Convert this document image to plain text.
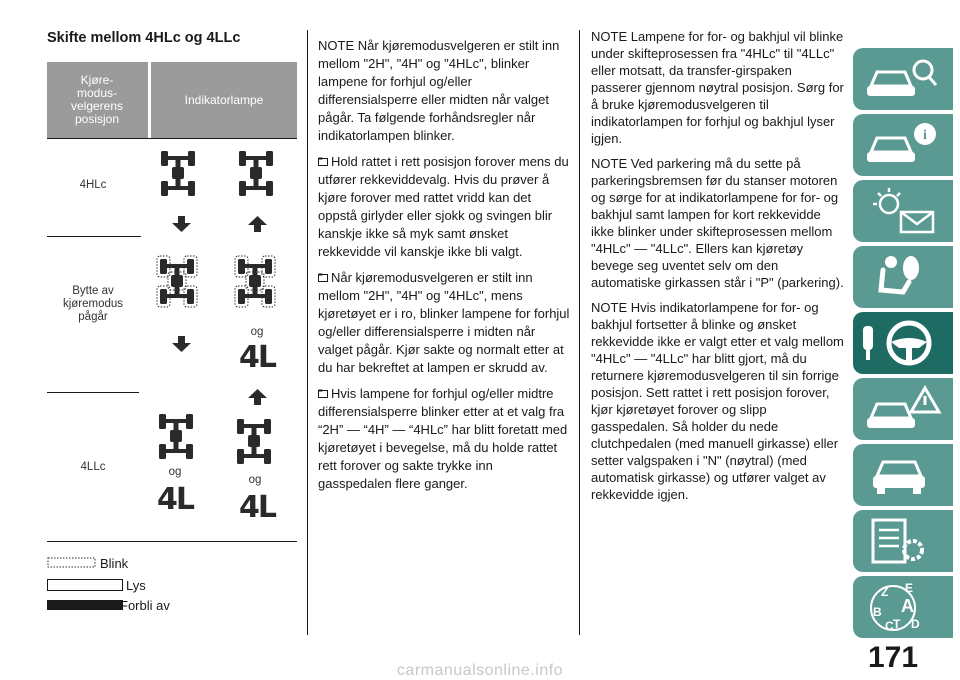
Skifte mellom 4HLc og 4LLc
Kjøre-
modus-
velgerens
posisjon
Indikatorlampe
4HLc
Bytte av
kjøremodus
pågår
4LLc
og
4L
og
4L
og
4L
Blink
Lys
Forbli av

NOTE Når kjøremodusvelgeren er stilt inn mellom "2H", "4H" og "4HLc", blinker lampene for forhjul og/eller differensialsperre eller midten når valget pågår. Ta følgende forhåndsregler når indikatorlampen blinker.

Hold rattet i rett posisjon forover mens du utfører rekkeviddevalg. Hvis du prøver å kjøre forover med rattet vridd kan det oppstå girlyder eller sjokk og svingen blir kanskje ikke så myk samt ønsket rekkevidde vil kanskje ikke bli valgt.

Når kjøremodusvelgeren er stilt inn mellom "2H", "4H" og "4HLc", mens kjøretøyet er i ro, blinker lampene for forhjul og/eller differensialsperre i midten når valget pågår. Kjør sakte og normalt etter at du har bekreftet at lampen er skrudd av.

Hvis lampene for forhjul og/eller midtre differensialsperre blinker etter at et valg fra “2H” — “4H” — “4HLc” har blitt foretatt med kjøretøyet i bevegelse, må du holde rattet rett forover og sakte trykke inn gasspedalen flere ganger.

NOTE Lampene for for- og bakhjul vil blinke under skifteprosessen fra "4HLc" til "4LLc" eller motsatt, da transfer-girspaken passerer gjennom nøytral posisjon. Sørg for å bruke kjøremodusvelgeren til indikatorlampen for forhjul og bakhjul lyser igjen.

NOTE Ved parkering må du sette på parkeringsbremsen før du stanser motoren og sørge for at indikatorlampene for for- og bakhjul samt lampen for kort rekkevidde ikke blinker under skifteprosessen mellom "4HLc" — "4LLc". Ellers kan kjøretøy bevege seg uventet selv om den automatiske girkassen står i "P" (parkering).

NOTE Hvis indikatorlampene for for- og bakhjul fortsetter å blinke og ønsket rekkevidde ikke er valgt etter et valg mellom "4HLc" — "4LLc" har blitt gjort, må du returnere kjøremodusvelgeren til sin forrige posisjon. Sett rattet i rett posisjon forover, kjør kjøretøyet forover og slipp gasspedalen. Så holder du nede clutchpedalen (med manuell girkasse) eller setter valgspaken i "N" (nøytral) (med automatisk girkasse) og utfører valget av rekkevidde igjen.

i
Z E
B A
C T D
171
carmanualsonline.info
